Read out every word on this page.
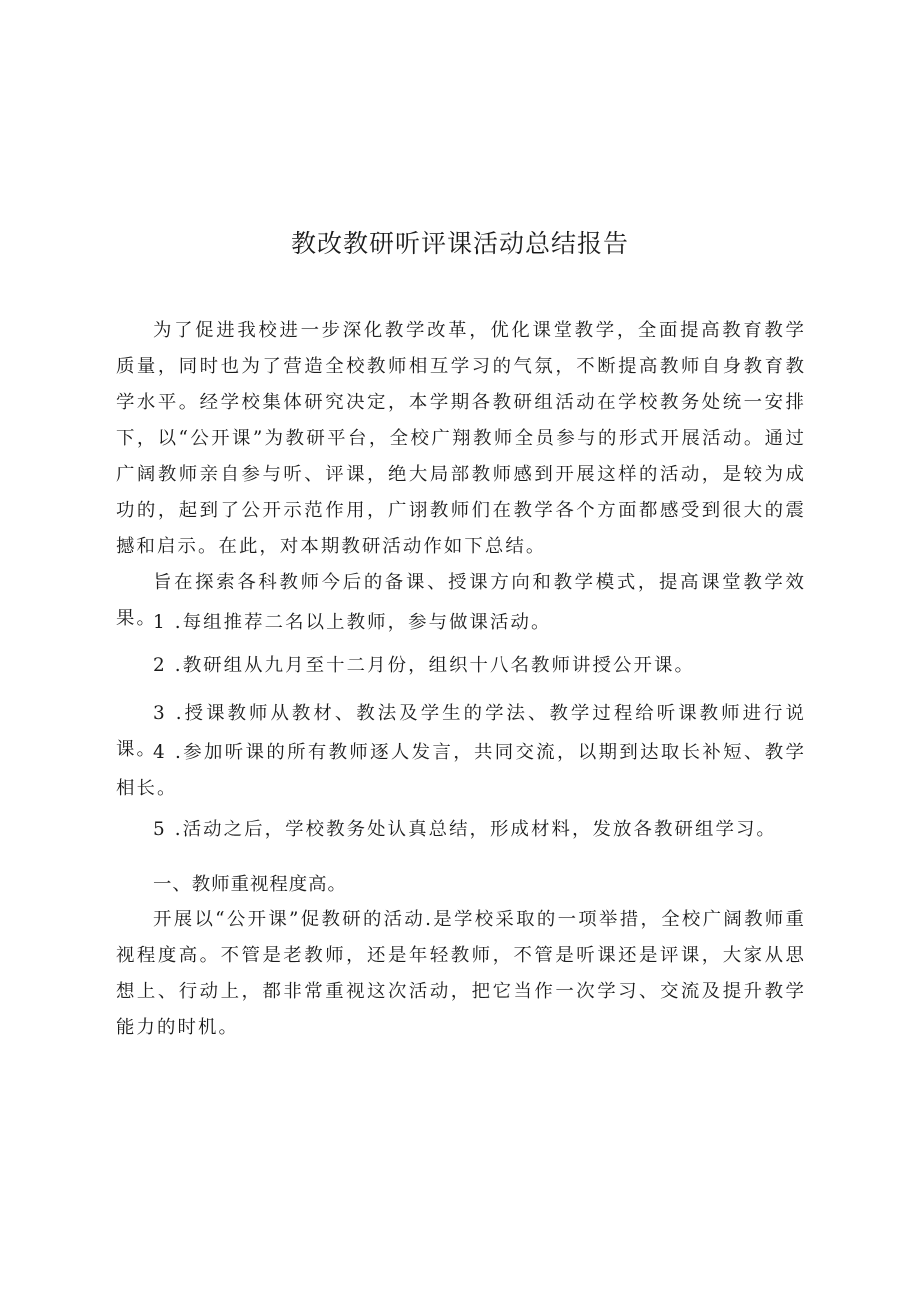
教改教研听评课活动总结报告

为了促进我校进一步深化教学改革，优化课堂教学，全面提高教育教学质量，同时也为了营造全校教师相互学习的气氛，不断提高教师自身教育教学水平。经学校集体研究决定，本学期各教研组活动在学校教务处统一安排下，以“公开课”为教研平台，全校广翔教师全员参与的形式开展活动。通过广阔教师亲自参与听、评课，绝大局部教师感到开展这样的活动，是较为成功的，起到了公开示范作用，广诩教师们在教学各个方面都感受到很大的震撼和启示。在此，对本期教研活动作如下总结。

旨在探索各科教师今后的备课、授课方向和教学模式，提高课堂教学效果。

1 .每组推荐二名以上教师，参与做课活动。

2 .教研组从九月至十二月份，组织十八名教师讲授公开课。

3 .授课教师从教材、教法及学生的学法、教学过程给听课教师进行说课。

4 .参加听课的所有教师逐人发言，共同交流，以期到达取长补短、教学相长。

5 .活动之后，学校教务处认真总结，形成材料，发放各教研组学习。

一、教师重视程度高。

开展以“公开课”促教研的活动.是学校采取的一项举措，全校广阔教师重视程度高。不管是老教师，还是年轻教师，不管是听课还是评课，大家从思想上、行动上，都非常重视这次活动，把它当作一次学习、交流及提升教学能力的时机。
